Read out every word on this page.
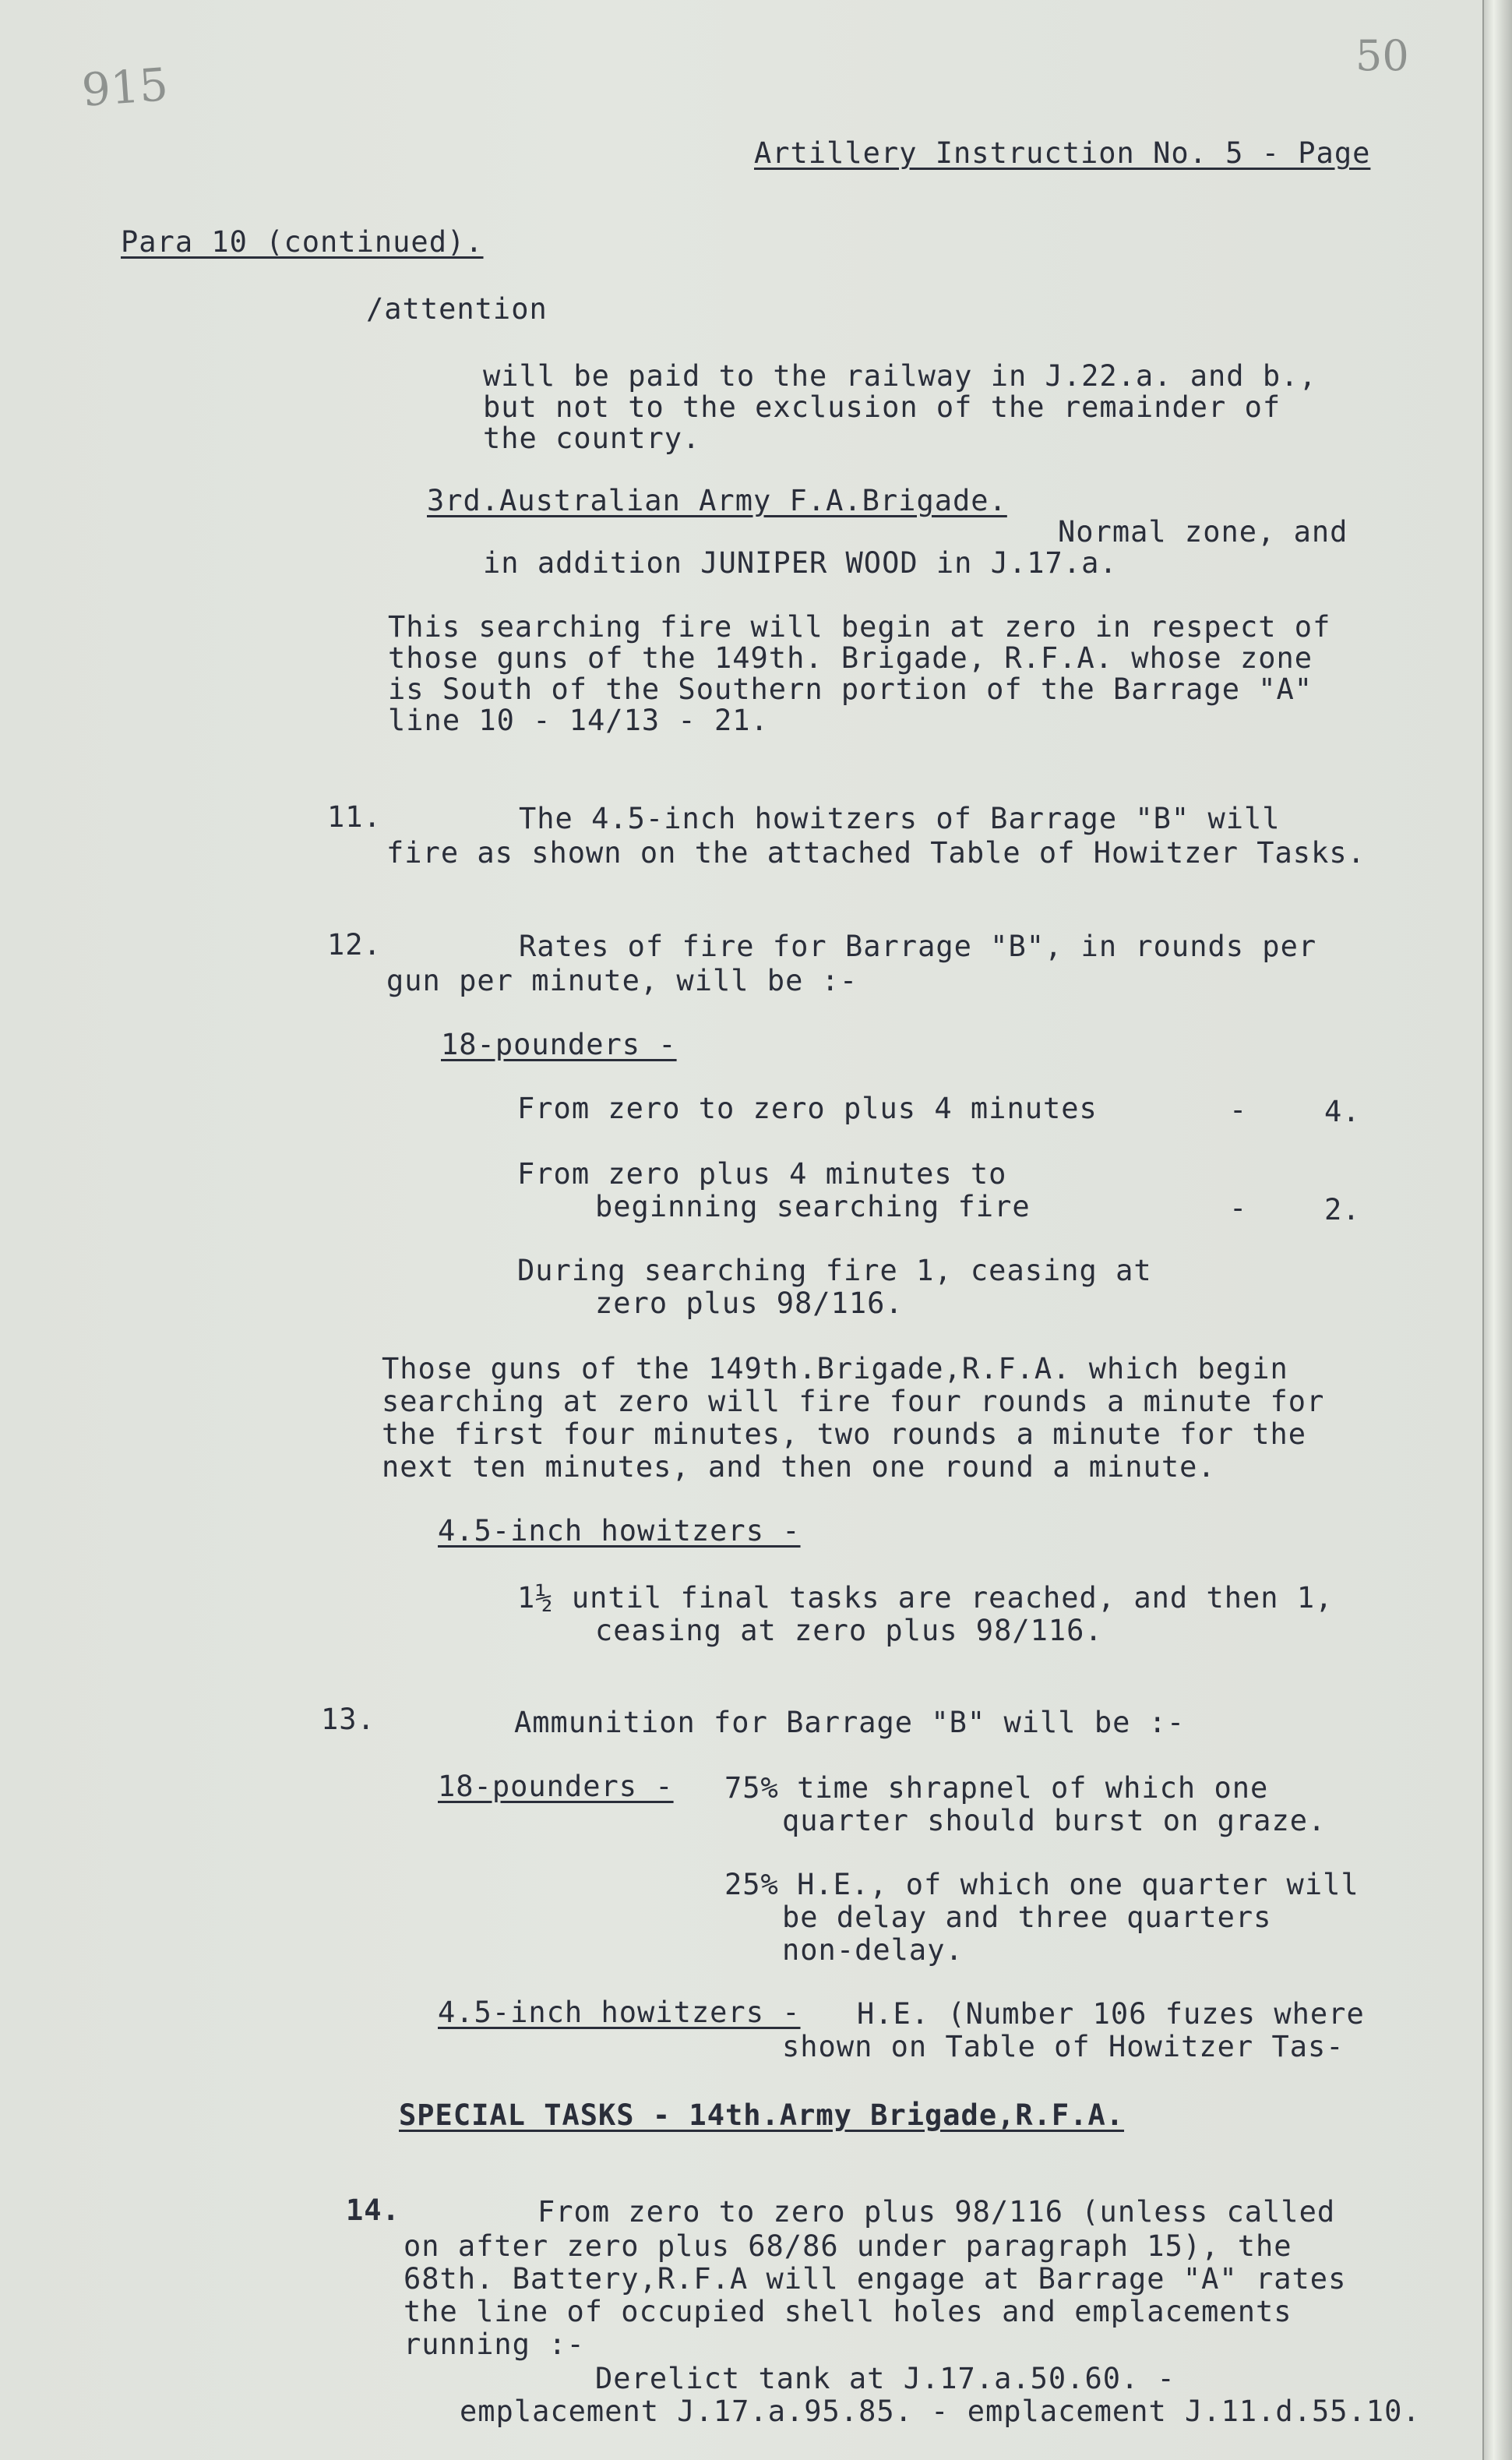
915
50
Artillery Instruction No. 5 - Page
Para 10 (continued).
/attention
will be paid to the railway in J.22.a. and b.,
but not to the exclusion of the remainder of
the country.
3rd.Australian Army F.A.Brigade.
Normal zone, and
in addition JUNIPER WOOD in J.17.a.
This searching fire will begin at zero in respect of
those guns of the 149th. Brigade, R.F.A. whose zone
is South of the Southern portion of the Barrage "A"
line 10 - 14/13 - 21.
11.	The 4.5-inch howitzers of Barrage "B" will
fire as shown on the attached Table of Howitzer Tasks.
12.	Rates of fire for Barrage "B", in rounds per
gun per minute, will be :-
18-pounders -
From zero to zero plus 4 minutes	-	4.
From zero plus 4 minutes to
beginning searching fire	-	2.
During searching fire 1, ceasing at
zero plus 98/116.
Those guns of the 149th.Brigade,R.F.A. which begin
searching at zero will fire four rounds a minute for
the first four minutes, two rounds a minute for the
next ten minutes, and then one round a minute.
4.5-inch howitzers -
1½ until final tasks are reached, and then 1,
ceasing at zero plus 98/116.
13.	Ammunition for Barrage "B" will be :-
18-pounders - 75% time shrapnel of which one
quarter should burst on graze.
25% H.E., of which one quarter will
be delay and three quarters
non-delay.
4.5-inch howitzers - H.E. (Number 106 fuzes where
shown on Table of Howitzer Tas-
SPECIAL TASKS - 14th.Army Brigade,R.F.A.
14.	From zero to zero plus 98/116 (unless called
on after zero plus 68/86 under paragraph 15), the
68th. Battery,R.F.A will engage at Barrage "A" rates
the line of occupied shell holes and emplacements
running :-
Derelict tank at J.17.a.50.60. -
emplacement J.17.a.95.85. - emplacement J.11.d.55.10.
